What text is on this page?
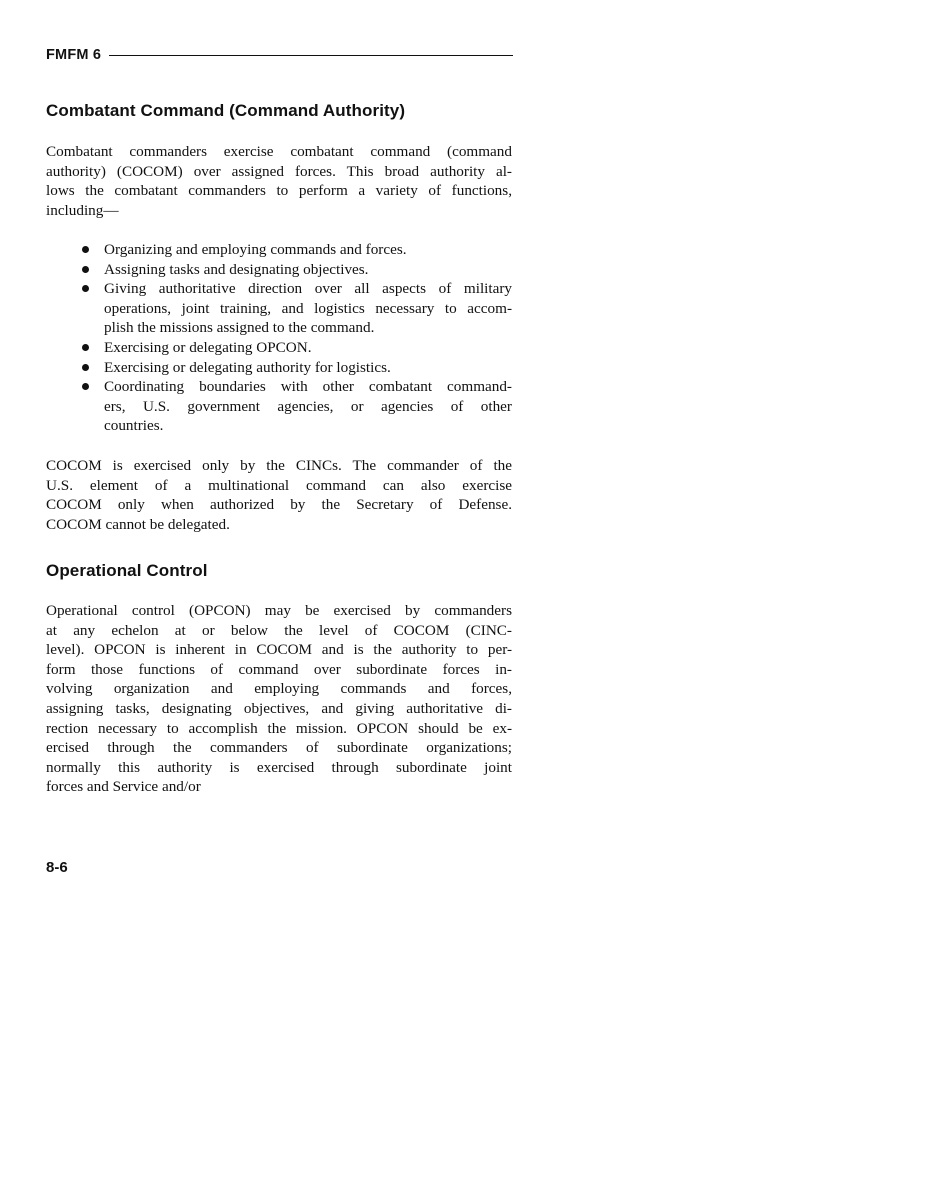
FMFM 6
Combatant Command (Command Authority)

Combatant commanders exercise combatant command (command
authority) (COCOM) over assigned forces. This broad authority al-
lows the combatant commanders to perform a variety of functions,
including—

Organizing and employing commands and forces.
Assigning tasks and designating objectives.
Giving authoritative direction over all aspects of military
operations, joint training, and logistics necessary to accom-
plish the missions assigned to the command.
Exercising or delegating OPCON.
Exercising or delegating authority for logistics.
Coordinating boundaries with other combatant command-
ers, U.S. government agencies, or agencies of other
countries.

COCOM is exercised only by the CINCs. The commander of the
U.S. element of a multinational command can also exercise
COCOM only when authorized by the Secretary of Defense.
COCOM cannot be delegated.

Operational Control

Operational control (OPCON) may be exercised by commanders
at any echelon at or below the level of COCOM (CINC-
level). OPCON is inherent in COCOM and is the authority to per-
form those functions of command over subordinate forces in-
volving organization and employing commands and forces,
assigning tasks, designating objectives, and giving authoritative di-
rection necessary to accomplish the mission. OPCON should be ex-
ercised through the commanders of subordinate organizations;
normally this authority is exercised through subordinate joint
forces and Service and/or

8-6
